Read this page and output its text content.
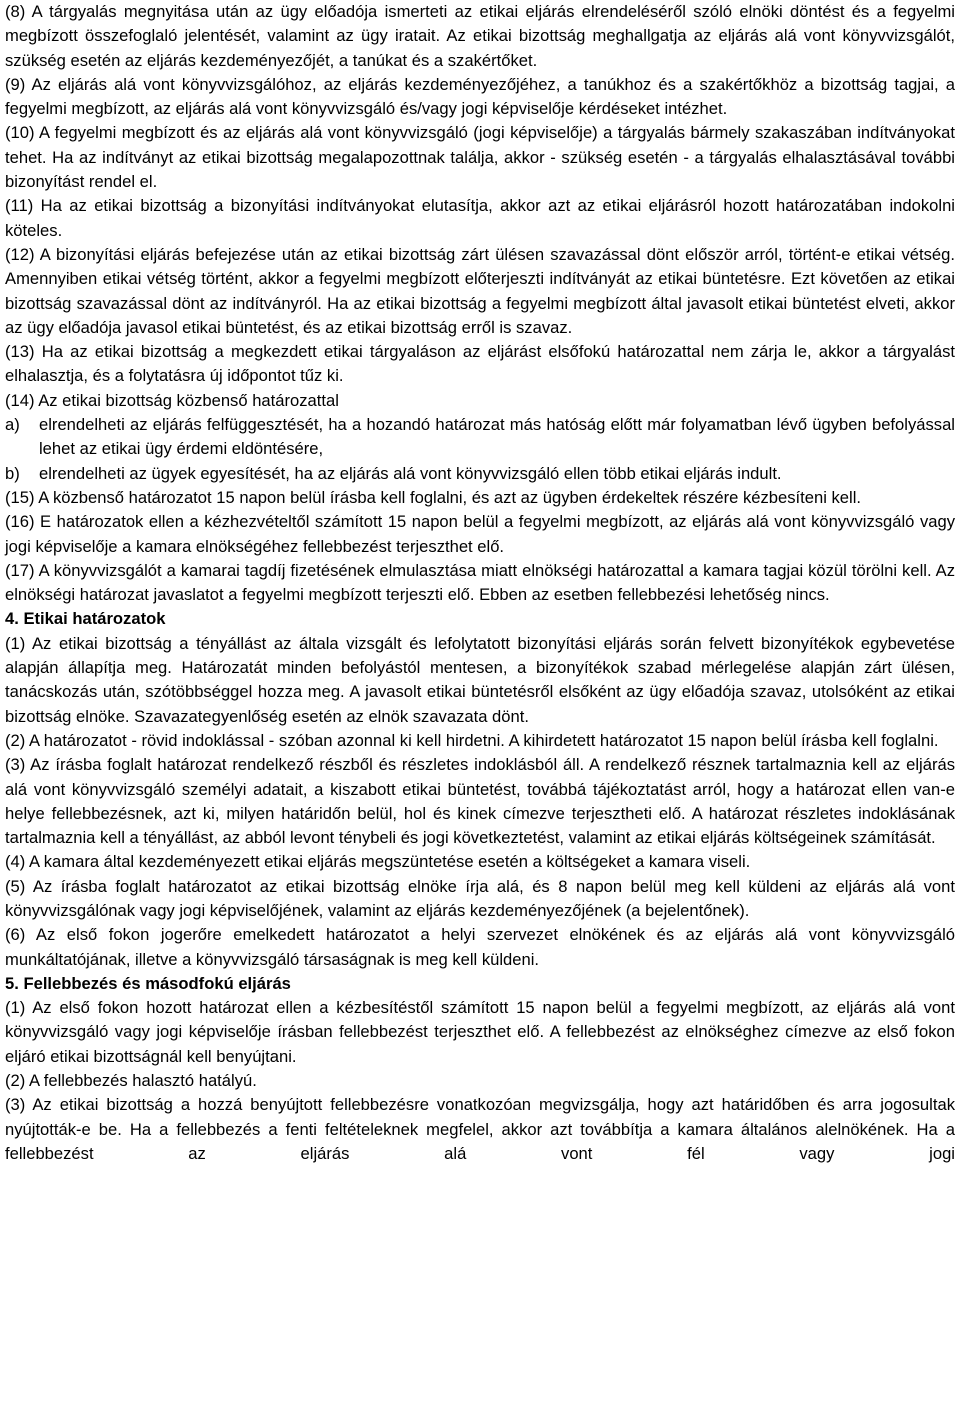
(8) A tárgyalás megnyitása után az ügy előadója ismerteti az etikai eljárás elrendeléséről szóló elnöki döntést és a fegyelmi megbízott összefoglaló jelentését, valamint az ügy iratait. Az etikai bizottság meghallgatja az eljárás alá vont könyvvizsgálót, szükség esetén az eljárás kezdeményezőjét, a tanúkat és a szakértőket.

(9) Az eljárás alá vont könyvvizsgálóhoz, az eljárás kezdeményezőjéhez, a tanúkhoz és a szakértőkhöz a bizottság tagjai, a fegyelmi megbízott, az eljárás alá vont könyvvizsgáló és/vagy jogi képviselője kérdéseket intézhet.

(10) A fegyelmi megbízott és az eljárás alá vont könyvvizsgáló (jogi képviselője) a tárgyalás bármely szakaszában indítványokat tehet. Ha az indítványt az etikai bizottság megalapozottnak találja, akkor - szükség esetén - a tárgyalás elhalasztásával további bizonyítást rendel el.

(11) Ha az etikai bizottság a bizonyítási indítványokat elutasítja, akkor azt az etikai eljárásról hozott határozatában indokolni köteles.

(12) A bizonyítási eljárás befejezése után az etikai bizottság zárt ülésen szavazással dönt először arról, történt-e etikai vétség. Amennyiben etikai vétség történt, akkor a fegyelmi megbízott előterjeszti indítványát az etikai büntetésre. Ezt követően az etikai bizottság szavazással dönt az indítványról. Ha az etikai bizottság a fegyelmi megbízott által javasolt etikai büntetést elveti, akkor az ügy előadója javasol etikai büntetést, és az etikai bizottság erről is szavaz.

(13) Ha az etikai bizottság a megkezdett etikai tárgyaláson az eljárást elsőfokú határozattal nem zárja le, akkor a tárgyalást elhalasztja, és a folytatásra új időpontot tűz ki.

(14) Az etikai bizottság közbenső határozattal

a)	elrendelheti az eljárás felfüggesztését, ha a hozandó határozat más hatóság előtt már folyamatban lévő ügyben befolyással lehet az etikai ügy érdemi eldöntésére,
b)	elrendelheti az ügyek egyesítését, ha az eljárás alá vont könyvvizsgáló ellen több etikai eljárás indult.

(15) A közbenső határozatot 15 napon belül írásba kell foglalni, és azt az ügyben érdekeltek részére kézbesíteni kell.

(16) E határozatok ellen a kézhezvételtől számított 15 napon belül a fegyelmi megbízott, az eljárás alá vont könyvvizsgáló vagy jogi képviselője a kamara elnökségéhez fellebbezést terjeszthet elő.

(17) A könyvvizsgálót a kamarai tagdíj fizetésének elmulasztása miatt elnökségi határozattal a kamara tagjai közül törölni kell. Az elnökségi határozat javaslatot a fegyelmi megbízott terjeszti elő. Ebben az esetben fellebbezési lehetőség nincs.

4. Etikai határozatok

(1) Az etikai bizottság a tényállást az általa vizsgált és lefolytatott bizonyítási eljárás során felvett bizonyítékok egybevetése alapján állapítja meg. Határozatát minden befolyástól mentesen, a bizonyítékok szabad mérlegelése alapján zárt ülésen, tanácskozás után, szótöbbséggel hozza meg. A javasolt etikai büntetésről elsőként az ügy előadója szavaz, utolsóként az etikai bizottság elnöke. Szavazategyenlőség esetén az elnök szavazata dönt.

(2) A határozatot - rövid indoklással - szóban azonnal ki kell hirdetni. A kihirdetett határozatot 15 napon belül írásba kell foglalni.

(3) Az írásba foglalt határozat rendelkező részből és részletes indoklásból áll. A rendelkező résznek tartalmaznia kell az eljárás alá vont könyvvizsgáló személyi adatait, a kiszabott etikai büntetést, továbbá tájékoztatást arról, hogy a határozat ellen van-e helye fellebbezésnek, azt ki, milyen határidőn belül, hol és kinek címezve terjesztheti elő. A határozat részletes indoklásának tartalmaznia kell a tényállást, az abból levont ténybeli és jogi következtetést, valamint az etikai eljárás költségeinek számítását.

(4) A kamara által kezdeményezett etikai eljárás megszüntetése esetén a költségeket a kamara viseli.

(5) Az írásba foglalt határozatot az etikai bizottság elnöke írja alá, és 8 napon belül meg kell küldeni az eljárás alá vont könyvvizsgálónak vagy jogi képviselőjének, valamint az eljárás kezdeményezőjének (a bejelentőnek).

(6) Az első fokon jogerőre emelkedett határozatot a helyi szervezet elnökének és az eljárás alá vont könyvvizsgáló munkáltatójának, illetve a könyvvizsgáló társaságnak is meg kell küldeni.

5. Fellebbezés és másodfokú eljárás

(1) Az első fokon hozott határozat ellen a kézbesítéstől számított 15 napon belül a fegyelmi megbízott, az eljárás alá vont könyvvizsgáló vagy jogi képviselője írásban fellebbezést terjeszthet elő. A fellebbezést az elnökséghez címezve az első fokon eljáró etikai bizottságnál kell benyújtani.

(2) A fellebbezés halasztó hatályú.

(3) Az etikai bizottság a hozzá benyújtott fellebbezésre vonatkozóan megvizsgálja, hogy azt határidőben és arra jogosultak nyújtották-e be. Ha a fellebbezés a fenti feltételeknek megfelel, akkor azt továbbítja a kamara általános alelnökének. Ha a fellebbezést az eljárás alá vont fél vagy jogi
